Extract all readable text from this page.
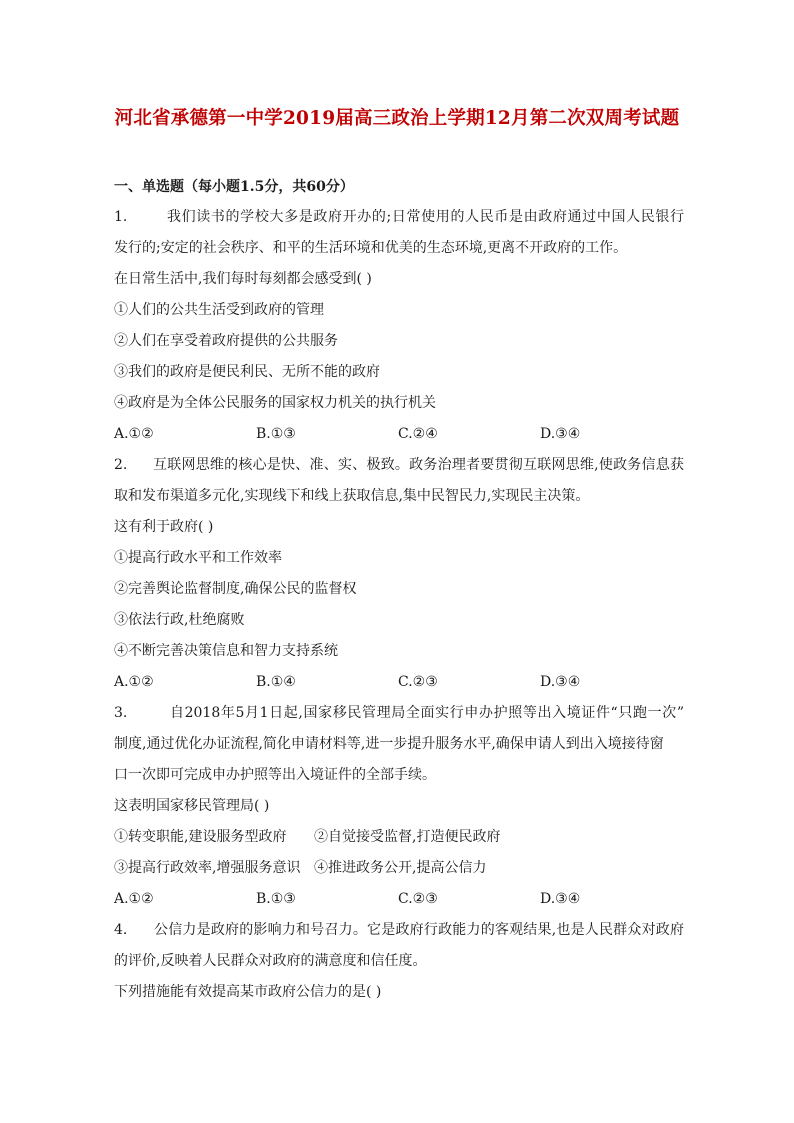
河北省承德第一中学2019届高三政治上学期12月第二次双周考试题
一、单选题（每小题1.5分，共60分）
1.	我们读书的学校大多是政府开办的;日常使用的人民币是由政府通过中国人民银行
发行的;安定的社会秩序、和平的生活环境和优美的生态环境,更离不开政府的工作。
在日常生活中,我们每时每刻都会感受到( )
①人们的公共生活受到政府的管理
②人们在享受着政府提供的公共服务
③我们的政府是便民利民、无所不能的政府
④政府是为全体公民服务的国家权力机关的执行机关
A.①②	B.①③	C.②④	D.③④
2.	互联网思维的核心是快、准、实、极致。政务治理者要贯彻互联网思维,使政务信息获
取和发布渠道多元化,实现线下和线上获取信息,集中民智民力,实现民主决策。
这有利于政府( )
①提高行政水平和工作效率
②完善舆论监督制度,确保公民的监督权
③依法行政,杜绝腐败
④不断完善决策信息和智力支持系统
A.①②	B.①④	C.②③	D.③④
3.	自2018年5月1日起,国家移民管理局全面实行申办护照等出入境证件“只跑一次”
制度,通过优化办证流程,简化申请材料等,进一步提升服务水平,确保申请人到出入境接待窗
口一次即可完成申办护照等出入境证件的全部手续。
这表明国家移民管理局( )
①转变职能,建设服务型政府	②自觉接受监督,打造便民政府
③提高行政效率,增强服务意识 ④推进政务公开,提高公信力
A.①②	B.①③	C.②③	D.③④
4.	公信力是政府的影响力和号召力。它是政府行政能力的客观结果,也是人民群众对政府
的评价,反映着人民群众对政府的满意度和信任度。
下列措施能有效提高某市政府公信力的是( )
